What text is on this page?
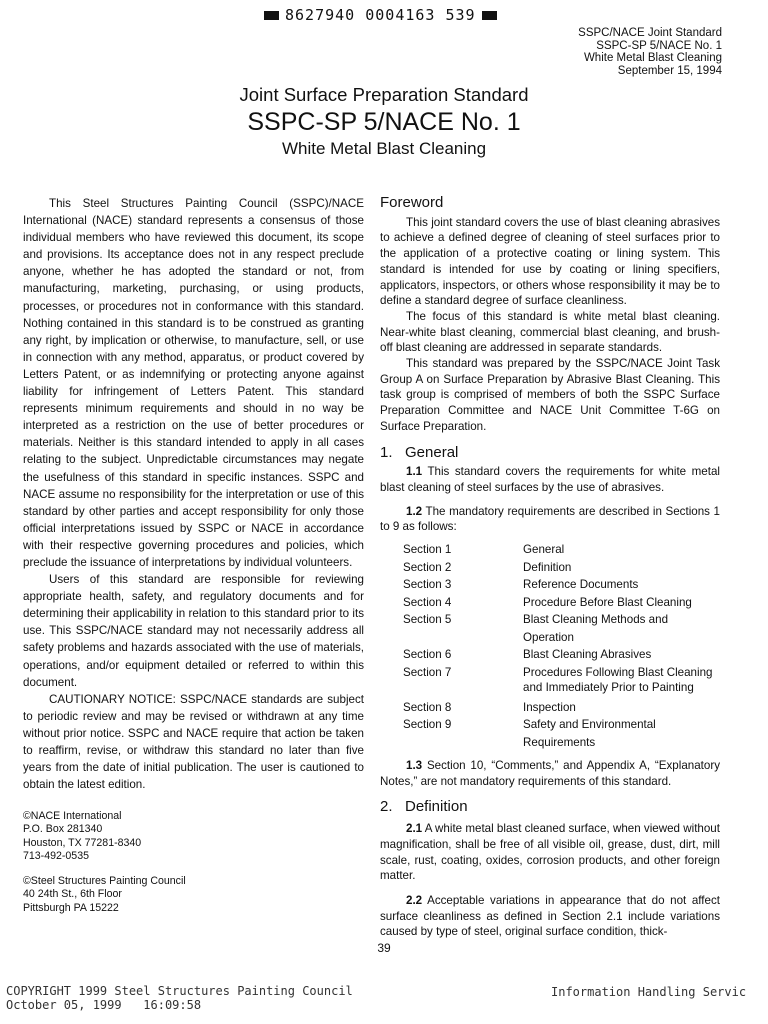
8627940 0004163 539
SSPC/NACE Joint Standard
SSPC-SP 5/NACE No. 1
White Metal Blast Cleaning
September 15, 1994
Joint Surface Preparation Standard
SSPC-SP 5/NACE No. 1
White Metal Blast Cleaning

This Steel Structures Painting Council (SSPC)/NACE International (NACE) standard represents a consensus of those individual members who have reviewed this document, its scope and provisions. Its acceptance does not in any respect preclude anyone, whether he has adopted the standard or not, from manufacturing, marketing, purchasing, or using products, processes, or procedures not in conformance with this standard. Nothing contained in this standard is to be construed as granting any right, by implication or otherwise, to manufacture, sell, or use in connection with any method, apparatus, or product covered by Letters Patent, or as indemnifying or protecting anyone against liability for infringement of Letters Patent. This standard represents minimum requirements and should in no way be interpreted as a restriction on the use of better procedures or materials. Neither is this standard intended to apply in all cases relating to the subject. Unpredictable circumstances may negate the usefulness of this standard in specific instances. SSPC and NACE assume no responsibility for the interpretation or use of this standard by other parties and accept responsibility for only those official interpretations issued by SSPC or NACE in accordance with their respective governing procedures and policies, which preclude the issuance of interpretations by individual volunteers.

Users of this standard are responsible for reviewing appropriate health, safety, and regulatory documents and for determining their applicability in relation to this standard prior to its use. This SSPC/NACE standard may not necessarily address all safety problems and hazards associated with the use of materials, operations, and/or equipment detailed or referred to within this document.

CAUTIONARY NOTICE: SSPC/NACE standards are subject to periodic review and may be revised or withdrawn at any time without prior notice. SSPC and NACE require that action be taken to reaffirm, revise, or withdraw this standard no later than five years from the date of initial publication. The user is cautioned to obtain the latest edition.

©NACE International
P.O. Box 281340
Houston, TX 77281-8340
713-492-0535
©Steel Structures Painting Council
40 24th St., 6th Floor
Pittsburgh PA 15222
Foreword

This joint standard covers the use of blast cleaning abrasives to achieve a defined degree of cleaning of steel surfaces prior to the application of a protective coating or lining system. This standard is intended for use by coating or lining specifiers, applicators, inspectors, or others whose responsibility it may be to define a standard degree of surface cleanliness.

The focus of this standard is white metal blast cleaning. Near-white blast cleaning, commercial blast cleaning, and brush-off blast cleaning are addressed in separate standards.

This standard was prepared by the SSPC/NACE Joint Task Group A on Surface Preparation by Abrasive Blast Cleaning. This task group is comprised of members of both the SSPC Surface Preparation Committee and NACE Unit Committee T-6G on Surface Preparation.

1.   General

1.1 This standard covers the requirements for white metal blast cleaning of steel surfaces by the use of abrasives.

1.2 The mandatory requirements are described in Sections 1 to 9 as follows:

Section 1	General
Section 2	Definition
Section 3	Reference Documents
Section 4	Procedure Before Blast Cleaning
Section 5	Blast Cleaning Methods and Operation
Section 6	Blast Cleaning Abrasives
Section 7	Procedures Following Blast Cleaning and Immediately Prior to Painting
Section 8	Inspection
Section 9	Safety and Environmental Requirements

1.3 Section 10, “Comments,” and Appendix A, “Explanatory Notes,” are not mandatory requirements of this standard.

2.   Definition

2.1 A white metal blast cleaned surface, when viewed without magnification, shall be free of all visible oil, grease, dust, dirt, mill scale, rust, coating, oxides, corrosion products, and other foreign matter.

2.2 Acceptable variations in appearance that do not affect surface cleanliness as defined in Section 2.1 include variations caused by type of steel, original surface condition, thick-

39
COPYRIGHT 1999 Steel Structures Painting Council
October 05, 1999   16:09:58
Information Handling Servic
